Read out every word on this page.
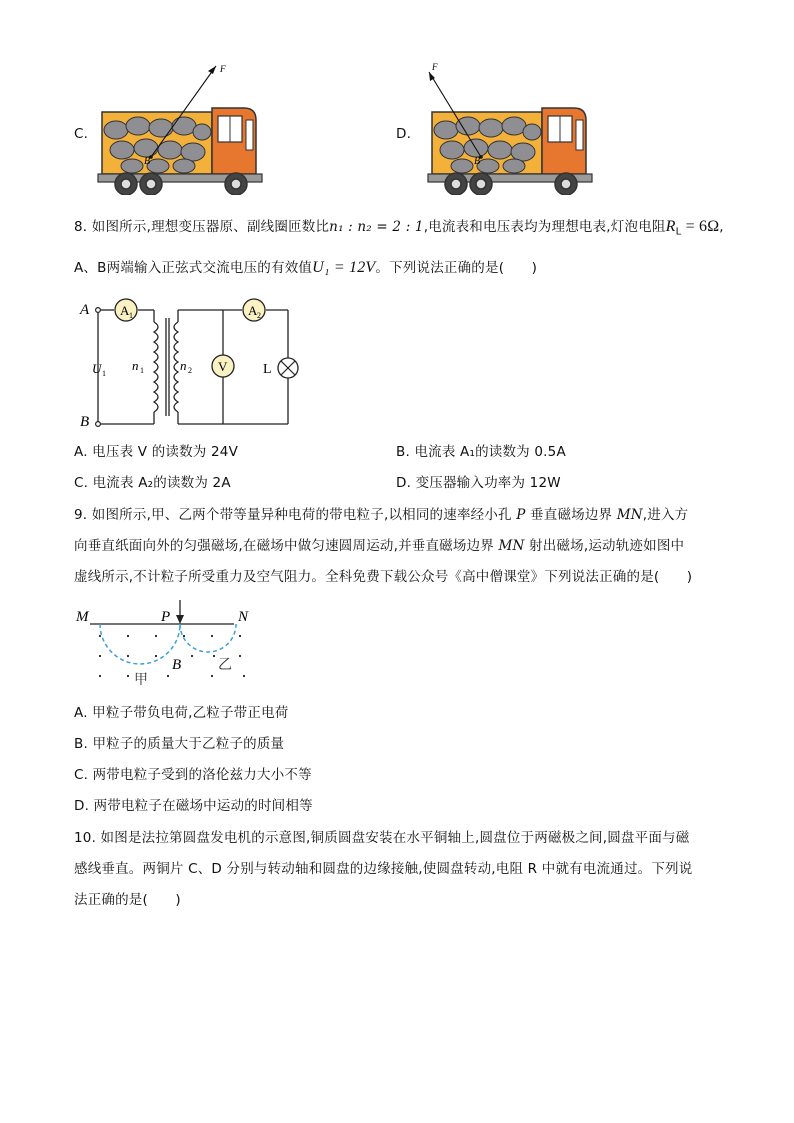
C.	D.
F
B
F
B
8. 如图所示,理想变压器原、副线圈匝数比n₁ : n₂ = 2 : 1,电流表和电压表均为理想电表,灯泡电阻$R_L = 6\Omega$,
A、B两端输入正弦式交流电压的有效值U₁ = 12V。下列说法正确的是(　　)
A 1	A 2
V	L
A
B
U 1
n 1	n 2
A. 电压表 V 的读数为 24V	B. 电流表 A₁的读数为 0.5A
C. 电流表 A₂的读数为 2A	D. 变压器输入功率为 12W
9. 如图所示,甲、乙两个带等量异种电荷的带电粒子,以相同的速率经小孔 P 垂直磁场边界 MN,进入方
向垂直纸面向外的匀强磁场,在磁场中做匀速圆周运动,并垂直磁场边界 MN 射出磁场,运动轨迹如图中
虚线所示,不计粒子所受重力及空气阻力。全科免费下载公众号《高中僧课堂》下列说法正确的是(　　)
M	P	N
B
甲
乙
A. 甲粒子带负电荷,乙粒子带正电荷
B. 甲粒子的质量大于乙粒子的质量
C. 两带电粒子受到的洛伦兹力大小不等
D. 两带电粒子在磁场中运动的时间相等
10. 如图是法拉第圆盘发电机的示意图,铜质圆盘安装在水平铜轴上,圆盘位于两磁极之间,圆盘平面与磁
感线垂直。两铜片 C、D 分别与转动轴和圆盘的边缘接触,使圆盘转动,电阻 R 中就有电流通过。下列说
法正确的是(　　)
